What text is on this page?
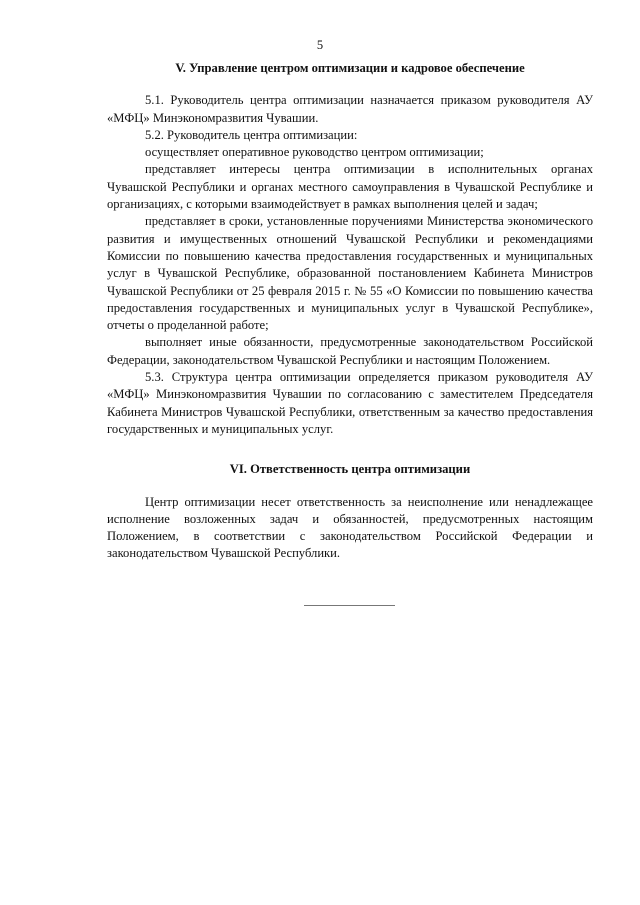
5

V. Управление центром оптимизации и кадровое обеспечение

5.1. Руководитель центра оптимизации назначается приказом руководителя АУ «МФЦ» Минэкономразвития Чувашии.

5.2. Руководитель центра оптимизации:

осуществляет оперативное руководство центром оптимизации;

представляет интересы центра оптимизации в исполнительных органах Чувашской Республики и органах местного самоуправления в Чувашской Республике и организациях, с которыми взаимодействует в рамках выполнения целей и задач;

представляет в сроки, установленные поручениями Министерства экономического развития и имущественных отношений Чувашской Республики и рекомендациями Комиссии по повышению качества предоставления государственных и муниципальных услуг в Чувашской Республике, образованной постановлением Кабинета Министров Чувашской Республики от 25 февраля 2015 г. № 55 «О Комиссии по повышению качества предоставления государственных и муниципальных услуг в Чувашской Республике», отчеты о проделанной работе;

выполняет иные обязанности, предусмотренные законодательством Российской Федерации, законодательством Чувашской Республики и настоящим Положением.

5.3. Структура центра оптимизации определяется приказом руководителя АУ «МФЦ» Минэкономразвития Чувашии по согласованию с заместителем Председателя Кабинета Министров Чувашской Республики, ответственным за качество предоставления государственных и муниципальных услуг.

VI. Ответственность центра оптимизации

Центр оптимизации несет ответственность за неисполнение или ненадлежащее исполнение возложенных задач и обязанностей, предусмотренных настоящим Положением, в соответствии с законодательством Российской Федерации и законодательством Чувашской Республики.
